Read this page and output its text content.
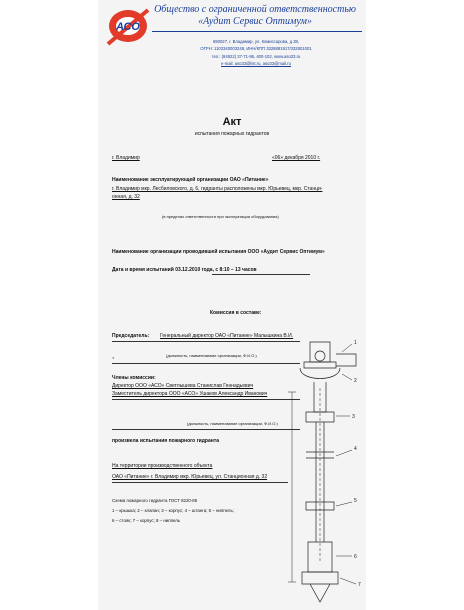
АСО
Общество с ограниченной ответственностью
«Аудит Сервис Оптимум»
690027, г. Владимир, ул. Комиссарова, д.38,
ОГРН: 1103340003248, ИНН/КПП 3328881917/332801001
тел.: (84922) 37-71-95, 400-102, www.aso33.ru
e-mail: aso33@list.ru, aso33@mail.ru
Акт
испытания пожарных гидрантов
г. Владимир	«06» декабря 2010 г.
Наименование эксплуатирующей организации ОАО «Питание»
г. Владимир мкр. Лесбиловского, д. 6, гидранты расположены мкр. Юрьевец, мкр. Станци-
онная, д. 32
(в пределах ответственности при эксплуатации оборудования)
Наименование организации проводившей испытания ООО «Аудит Сервис Оптимум»
Дата и время испытаний 03.12.2010 года, с 8:10 – 13 часов
Комиссия в составе:
Председатель: Генеральный директор ОАО «Питание» Малышкина В.И.
,	(должность, наименование организации, Ф.И.О.)
Члены комиссии:
Директор ООО «АСО» Светлышева Станислав Геннадьевич
Заместитель директора ООО «АСО» Ушаков Александр Иванович
(должность, наименование организации, Ф.И.О.)
произвела испытания пожарного гидранта
На территории производственного объекта
ОАО «Питание» г. Владимир мкр. Юрьевец, ул. Станционная д. 32
Схема пожарного гидранта ГОСТ 8220-85
1 – крышка; 2 – клапан; 3 – корпус; 4 – штанга; 5 – ниппель;
6 – стояк; 7 – корпус; 8 – ниппель
1
2
3
4
5
6
7
